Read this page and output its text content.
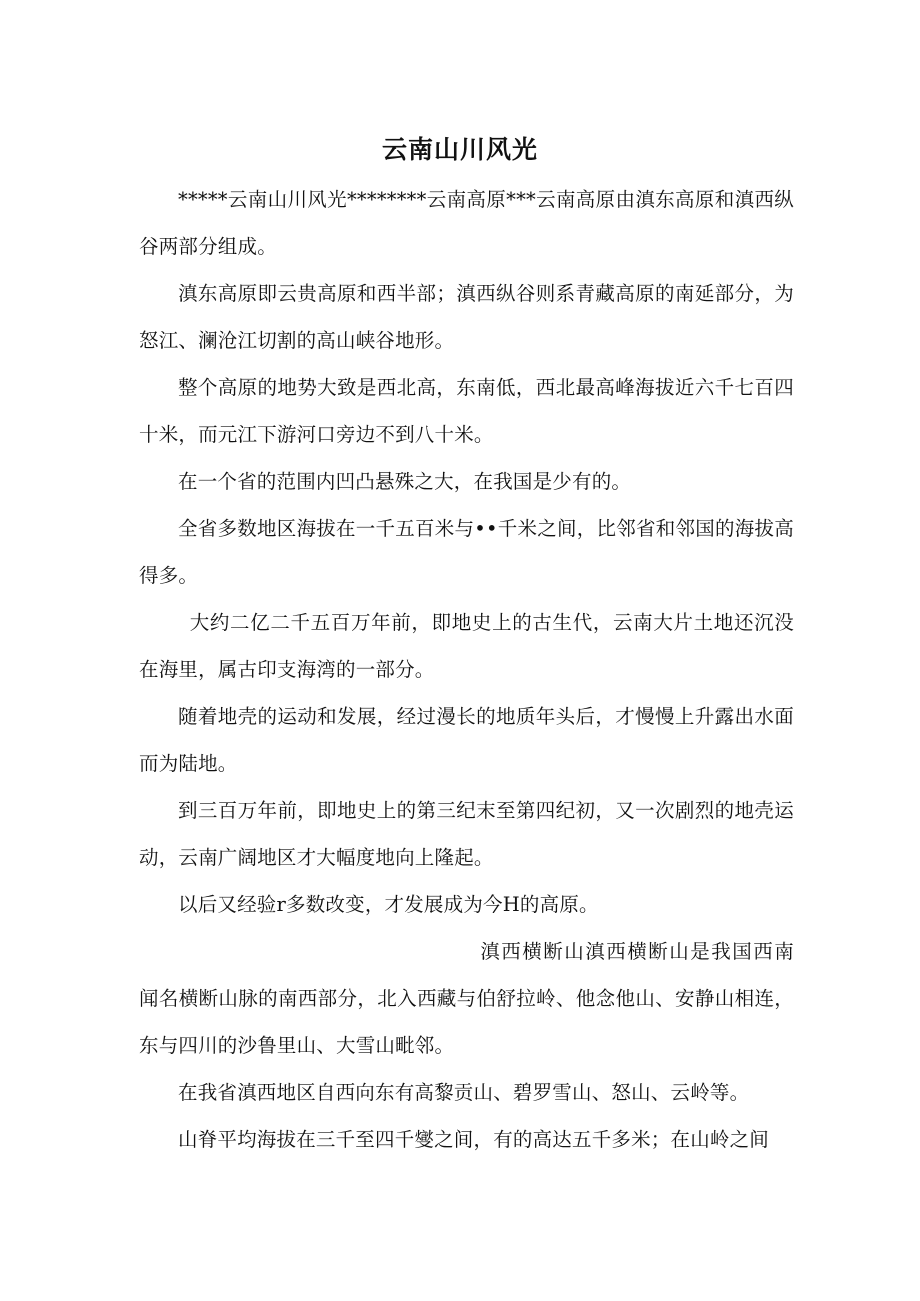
云南山川风光

*****云南山川风光********云南高原***云南高原由滇东高原和滇西纵谷两部分组成。

滇东高原即云贵高原和西半部；滇西纵谷则系青藏高原的南延部分，为怒江、澜沧江切割的高山峡谷地形。

整个高原的地势大致是西北高，东南低，西北最高峰海拔近六千七百四十米，而元江下游河口旁边不到八十米。

在一个省的范围内凹凸悬殊之大，在我国是少有的。

全省多数地区海拔在一千五百米与••千米之间，比邻省和邻国的海拔高得多。

大约二亿二千五百万年前，即地史上的古生代，云南大片土地还沉没在海里，属古印支海湾的一部分。

随着地壳的运动和发展，经过漫长的地质年头后，才慢慢上升露出水面而为陆地。

到三百万年前，即地史上的第三纪末至第四纪初，又一次剧烈的地壳运动，云南广阔地区才大幅度地向上隆起。

以后又经验r多数改变，才发展成为今H的高原。

滇西横断山滇西横断山是我国西南闻名横断山脉的南西部分，北入西藏与伯舒拉岭、他念他山、安静山相连，东与四川的沙鲁里山、大雪山毗邻。

在我省滇西地区自西向东有高黎贡山、碧罗雪山、怒山、云岭等。

山脊平均海拔在三千至四千燮之间，有的高达五千多米；在山岭之间
